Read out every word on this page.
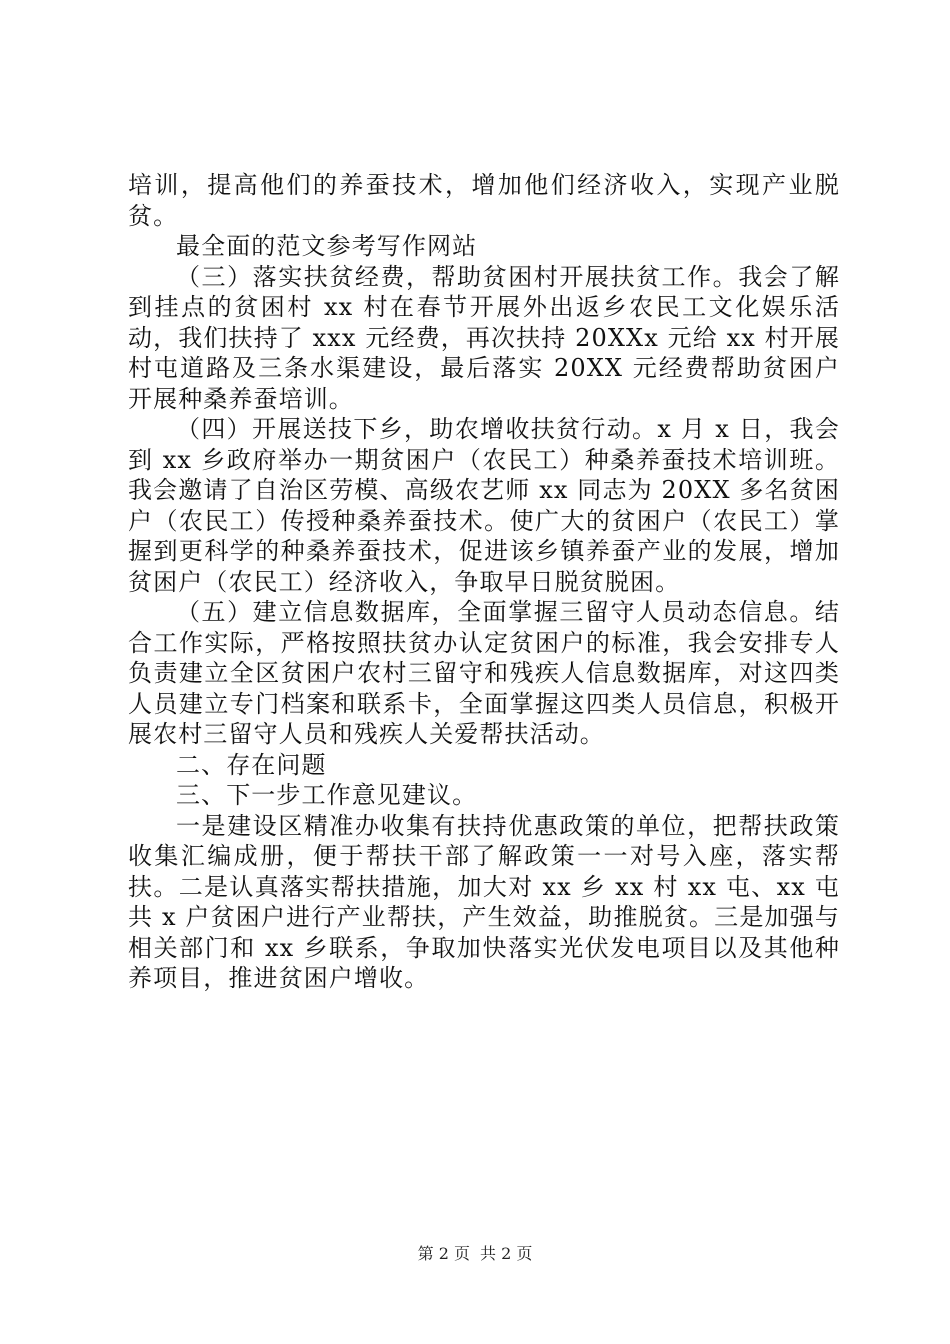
培训，提高他们的养蚕技术，增加他们经济收入，实现产业脱贫。

最全面的范文参考写作网站

（三）落实扶贫经费，帮助贫困村开展扶贫工作。我会了解到挂点的贫困村 xx 村在春节开展外出返乡农民工文化娱乐活动，我们扶持了 xxx 元经费，再次扶持 20XXx 元给 xx 村开展村屯道路及三条水渠建设，最后落实 20XX 元经费帮助贫困户开展种桑养蚕培训。

（四）开展送技下乡，助农增收扶贫行动。x 月 x 日，我会到 xx 乡政府举办一期贫困户（农民工）种桑养蚕技术培训班。我会邀请了自治区劳模、高级农艺师 xx 同志为 20XX 多名贫困户（农民工）传授种桑养蚕技术。使广大的贫困户（农民工）掌握到更科学的种桑养蚕技术，促进该乡镇养蚕产业的发展，增加贫困户（农民工）经济收入，争取早日脱贫脱困。

（五）建立信息数据库，全面掌握三留守人员动态信息。结合工作实际，严格按照扶贫办认定贫困户的标准，我会安排专人负责建立全区贫困户农村三留守和残疾人信息数据库，对这四类人员建立专门档案和联系卡，全面掌握这四类人员信息，积极开展农村三留守人员和残疾人关爱帮扶活动。

二、存在问题

三、下一步工作意见建议。

一是建设区精准办收集有扶持优惠政策的单位，把帮扶政策收集汇编成册，便于帮扶干部了解政策一一对号入座，落实帮扶。二是认真落实帮扶措施，加大对 xx 乡 xx 村 xx 屯、xx 屯共 x 户贫困户进行产业帮扶，产生效益，助推脱贫。三是加强与相关部门和 xx 乡联系，争取加快落实光伏发电项目以及其他种养项目，推进贫困户增收。

第 2 页 共 2 页
